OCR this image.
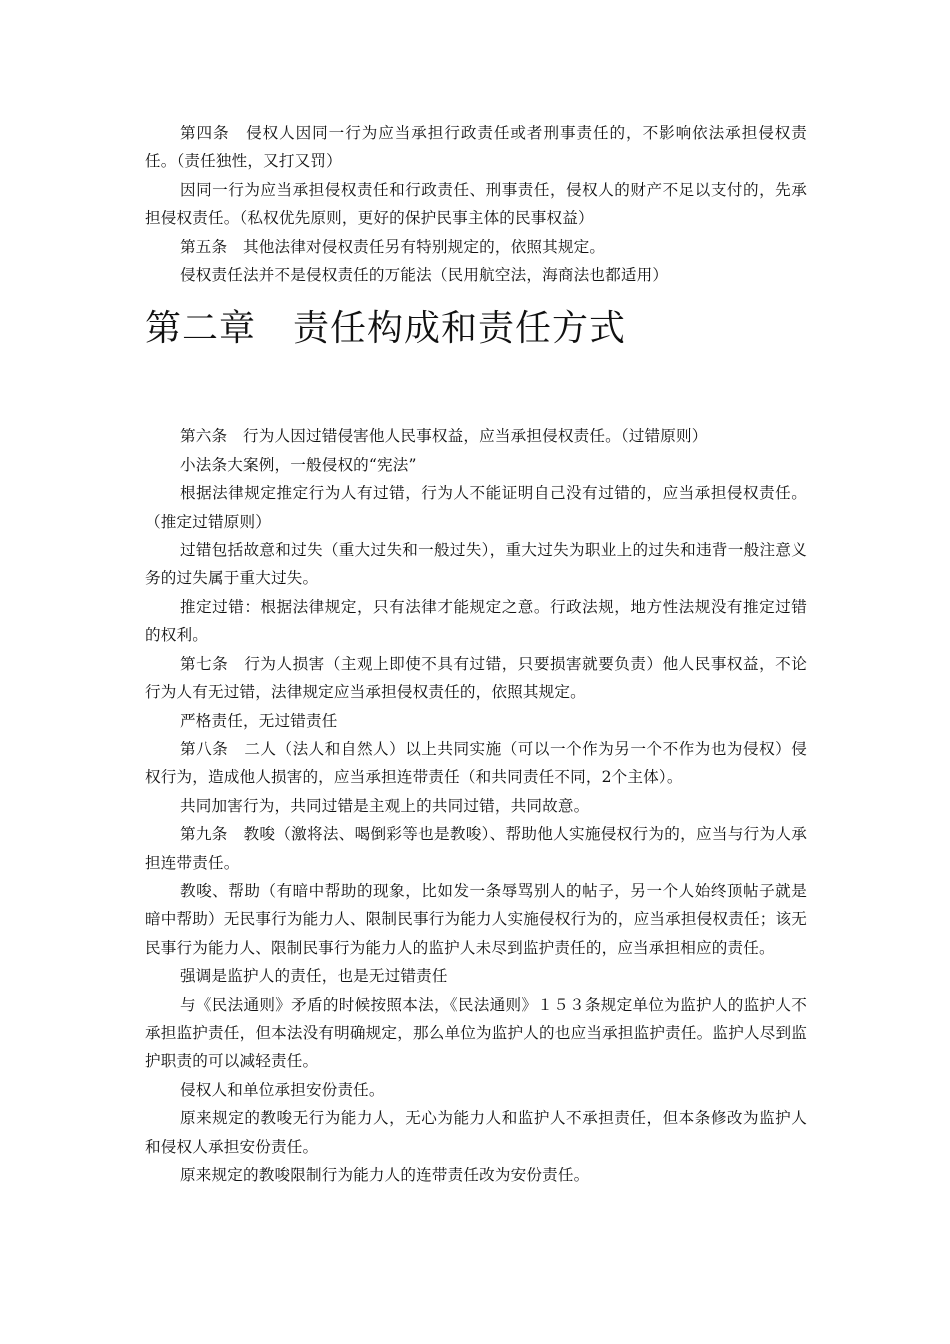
第四条　侵权人因同一行为应当承担行政责任或者刑事责任的，不影响依法承担侵权责任。（责任独性，又打又罚）

因同一行为应当承担侵权责任和行政责任、刑事责任，侵权人的财产不足以支付的，先承担侵权责任。（私权优先原则，更好的保护民事主体的民事权益）

第五条　其他法律对侵权责任另有特别规定的，依照其规定。

侵权责任法并不是侵权责任的万能法（民用航空法，海商法也都适用）

第二章　责任构成和责任方式

第六条　行为人因过错侵害他人民事权益，应当承担侵权责任。（过错原则）

小法条大案例，一般侵权的“宪法”

根据法律规定推定行为人有过错，行为人不能证明自己没有过错的，应当承担侵权责任。（推定过错原则）

过错包括故意和过失（重大过失和一般过失），重大过失为职业上的过失和违背一般注意义务的过失属于重大过失。

推定过错：根据法律规定，只有法律才能规定之意。行政法规，地方性法规没有推定过错的权利。

第七条　行为人损害（主观上即使不具有过错，只要损害就要负责）他人民事权益，不论行为人有无过错，法律规定应当承担侵权责任的，依照其规定。

严格责任，无过错责任

第八条　二人（法人和自然人）以上共同实施（可以一个作为另一个不作为也为侵权）侵权行为，造成他人损害的，应当承担连带责任（和共同责任不同，2个主体）。

共同加害行为，共同过错是主观上的共同过错，共同故意。

第九条　教唆（激将法、喝倒彩等也是教唆）、帮助他人实施侵权行为的，应当与行为人承担连带责任。

教唆、帮助（有暗中帮助的现象，比如发一条辱骂别人的帖子，另一个人始终顶帖子就是暗中帮助）无民事行为能力人、限制民事行为能力人实施侵权行为的，应当承担侵权责任；该无民事行为能力人、限制民事行为能力人的监护人未尽到监护责任的，应当承担相应的责任。

强调是监护人的责任，也是无过错责任

与《民法通则》矛盾的时候按照本法，《民法通则》１５３条规定单位为监护人的监护人不承担监护责任，但本法没有明确规定，那么单位为监护人的也应当承担监护责任。监护人尽到监护职责的可以减轻责任。

侵权人和单位承担安份责任。

原来规定的教唆无行为能力人，无心为能力人和监护人不承担责任，但本条修改为监护人和侵权人承担安份责任。

原来规定的教唆限制行为能力人的连带责任改为安份责任。
